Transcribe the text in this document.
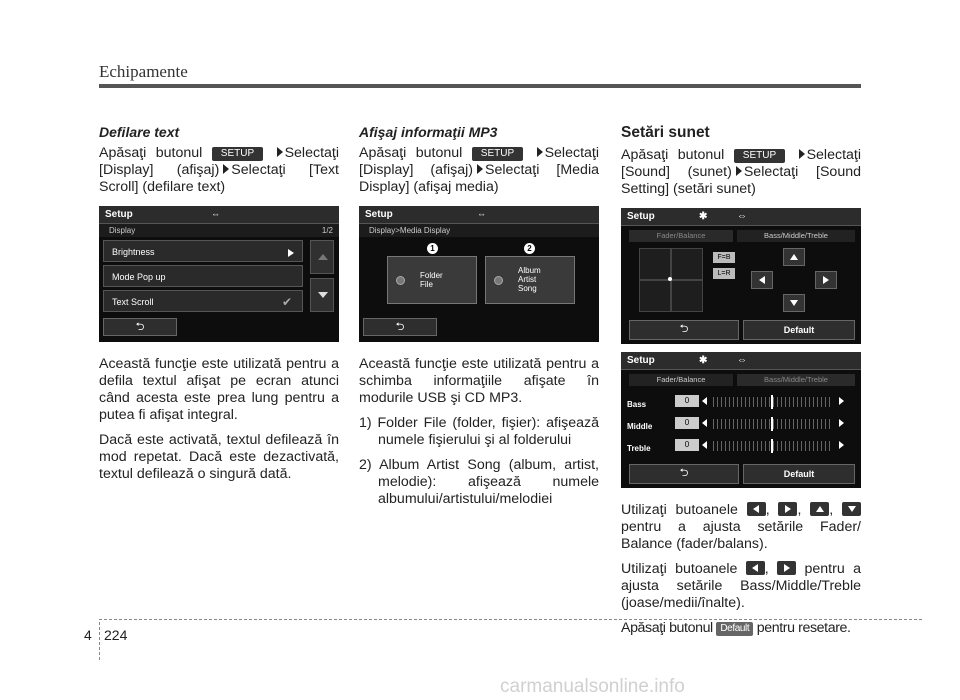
Echipamente
Defilare text

Apăsaţi butonul SETUP Selectaţi [Display] (afişaj) Selectaţi [Text Scroll] (defilare text)

Setup	⇔
Display	1/2
Brightness
Mode Pop up
Text Scroll	✔
⮌

Această funcţie este utilizată pentru a defila textul afişat pe ecran atunci când acesta este prea lung pentru a putea fi afişat integral.

Dacă este activată, textul defilează în mod repetat. Dacă este dezactivată, textul defilează o singură dată.

Afişaj informaţii MP3

Apăsaţi butonul SETUP Selectaţi [Display] (afişaj) Selectaţi [Media Display] (afişaj media)

Setup	⇔
Display>Media Display
1	2
Folder
File
Album
Artist
Song
⮌

Această funcţie este utilizată pentru a schimba informaţiile afişate în modurile USB şi CD MP3.

1) Folder File (folder, fişier): afişează numele fişierului şi al folderului

2) Album Artist Song (album, artist, melodie): afişează numele albumului/artistului/melodiei

Setări sunet

Apăsaţi butonul SETUP Selectaţi [Sound] (sunet) Selectaţi [Sound Setting] (setări sunet)

Setup	✱	⇔
Fader/Balance	Bass/Middle/Treble
F=B
L=R
⮌	Default
Setup	✱	⇔
Fader/Balance	Bass/Middle/Treble
Bass	0
Middle	0
Treble	0
⮌	Default

Utilizaţi butoanele ,
,
,
pentru a ajusta setările Fader/ Balance (fader/balans).

Utilizaţi butoanele ,
pentru a ajusta setările Bass/Middle/Treble (joase/medii/înalte).

Apăsaţi butonul Default pentru resetare.

4 224
carmanualsonline.info
